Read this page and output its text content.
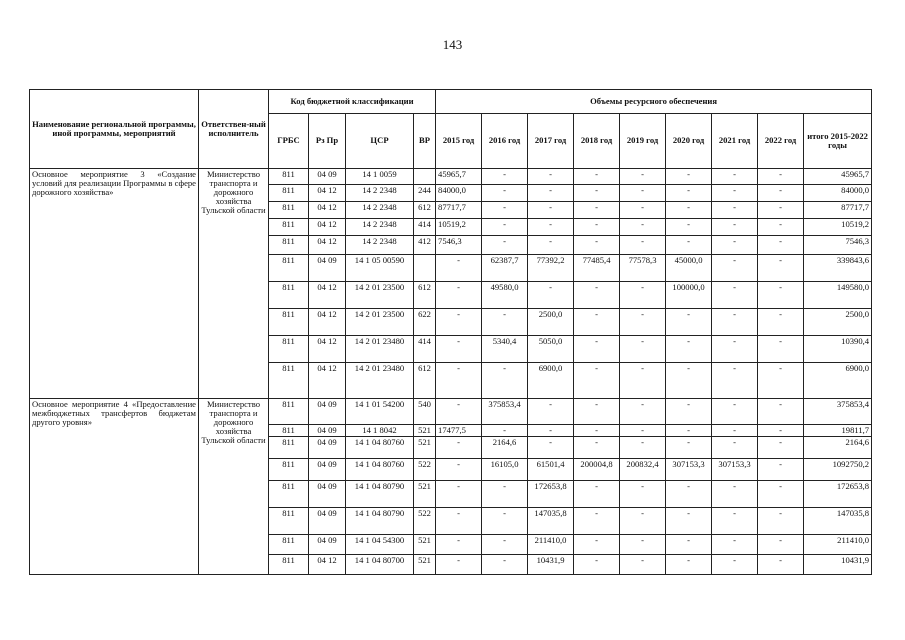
143
Наименование региональной программы, иной программы, мероприятий	Ответствен-ный исполнитель	Код бюджетной классификации				Объемы ресурсного обеспечения								
		ГРБС	Рз Пр	ЦСР	ВР	2015 год	2016 год	2017 год	2018 год	2019 год	2020 год	2021 год	2022 год	итого 2015-2022 годы
Основное мероприятие 3 «Создание условий для реализации Программы в сфере дорожного хозяйства»	Министерство транспорта и дорожного хозяйства Тульской области	811	04 09	14 1 0059		45965,7	-	-	-	-	-	-	-	45965,7
		811	04 12	14 2 2348	244	84000,0	-	-	-	-	-	-	-	84000,0
		811	04 12	14 2 2348	612	87717,7	-	-	-	-	-	-	-	87717,7
		811	04 12	14 2 2348	414	10519,2	-	-	-	-	-	-	-	10519,2
		811	04 12	14 2 2348	412	7546,3	-	-	-	-	-	-	-	7546,3
		811	04 09	14 1 05 00590		-	62387,7	77392,2	77485,4	77578,3	45000,0	-	-	339843,6
		811	04 12	14 2 01 23500	612	-	49580,0	-	-	-	100000,0	-	-	149580,0
		811	04 12	14 2 01 23500	622	-	-	2500,0	-	-	-	-	-	2500,0
		811	04 12	14 2 01 23480	414	-	5340,4	5050,0	-	-	-	-	-	10390,4
		811	04 12	14 2 01 23480	612	-	-	6900,0	-	-	-	-	-	6900,0
Основное мероприятие 4 «Предоставление межбюджетных трансфертов бюджетам другого уровня»	Министерство транспорта и дорожного хозяйства Тульской области	811	04 09	14 1 01 54200	540	-	375853,4	-	-	-	-	-	-	375853,4
		811	04 09	14 1 8042	521	17477,5	-	-	-	-	-	-	-	19811,7
		811	04 09	14 1 04 80760	521	-	2164,6	-	-	-	-	-	-	2164,6
		811	04 09	14 1 04 80760	522	-	16105,0	61501,4	200004,8	200832,4	307153,3	307153,3	-	1092750,2
		811	04 09	14 1 04 80790	521	-	-	172653,8	-	-	-	-	-	172653,8
		811	04 09	14 1 04 80790	522	-	-	147035,8	-	-	-	-	-	147035,8
		811	04 09	14 1 04 54300	521	-	-	211410,0	-	-	-	-	-	211410,0
		811	04 12	14 1 04 80700	521	-	-	10431,9	-	-	-	-	-	10431,9
